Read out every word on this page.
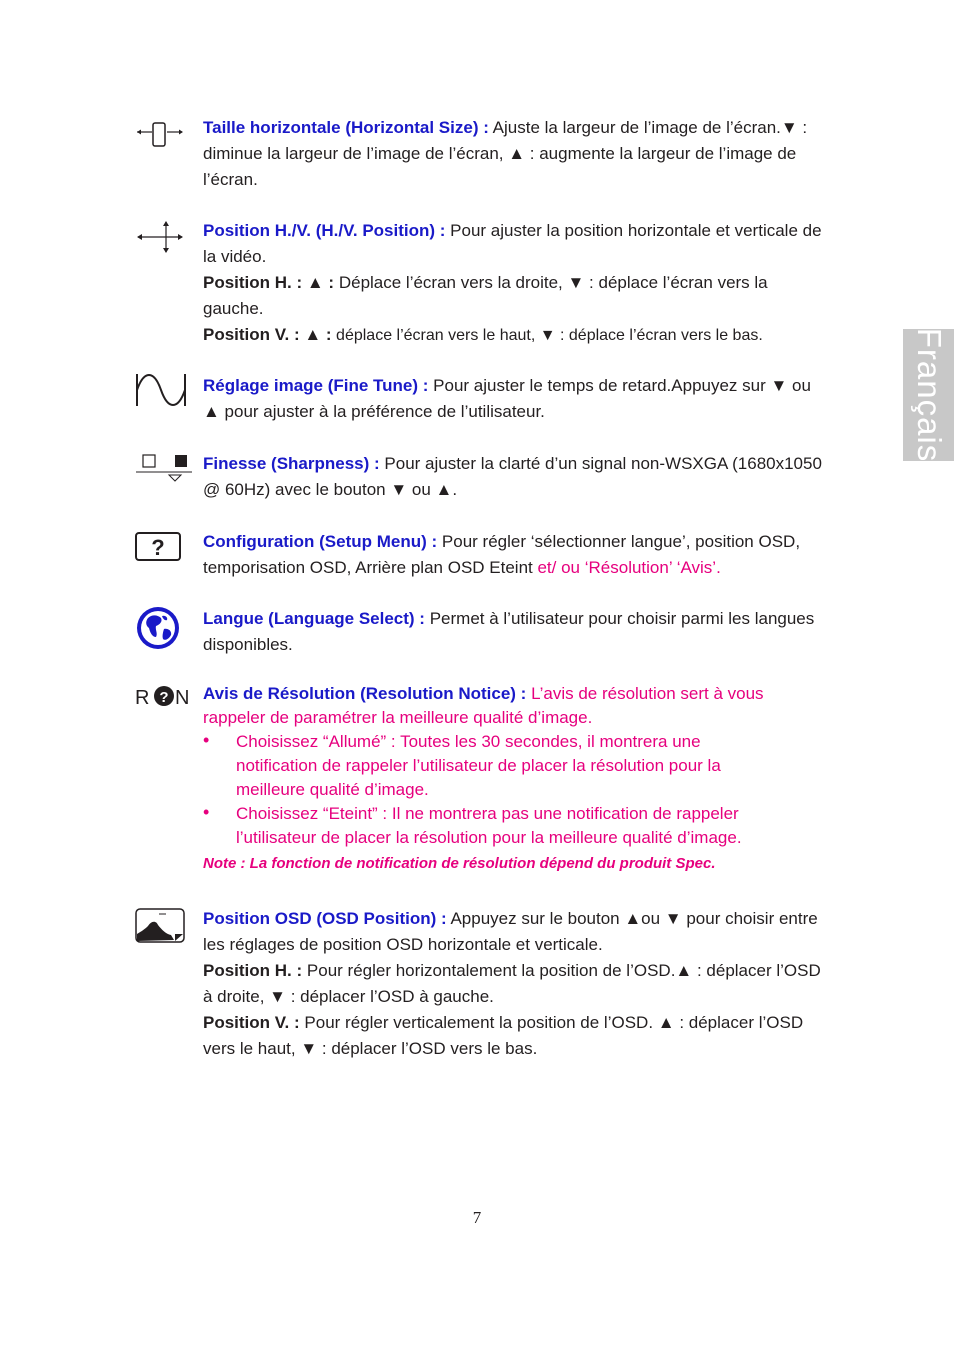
Français
Taille horizontale (Horizontal Size) : Ajuste la largeur de l’image de l’écran.▼ : diminue la largeur de l’image de l’écran, ▲ : augmente la largeur de l’image de l’écran.
Position H./V. (H./V. Position) : Pour ajuster la position horizontale et verticale de la vidéo.
Position H. : ▲ : Déplace l’écran vers la droite, ▼ : déplace l’écran vers la gauche.
Position V. : ▲ : déplace l’écran vers le haut, ▼ : déplace l’écran vers le bas.
Réglage image (Fine Tune) : Pour ajuster le temps de retard.Appuyez sur ▼ ou ▲ pour ajuster à la préférence de l’utilisateur.
Finesse (Sharpness) : Pour ajuster la clarté d’un signal non-WSXGA (1680x1050 @ 60Hz) avec le bouton ▼ ou ▲.
? Configuration (Setup Menu) : Pour régler ‘sélectionner langue’, position OSD, temporisation OSD, Arrière plan OSD Eteint et/ ou ‘Résolution’ ‘Avis’.
Langue (Language Select) : Permet à l’utilisateur pour choisir parmi les langues disponibles.
R ? N Avis de Résolution (Resolution Notice) : L’avis de résolution sert à vous rappeler de paramétrer la meilleure qualité d’image.
• Choisissez “Allumé” : Toutes les 30 secondes, il montrera une notification de rappeler l’utilisateur de placer la résolution pour la meilleure qualité d’image.
• Choisissez “Eteint” : Il ne montrera pas une notification de rappeler l’utilisateur de placer la résolution pour la meilleure qualité d’image.
Note : La fonction de notification de résolution dépend du produit Spec.
Position OSD (OSD Position) : Appuyez sur le bouton ▲ou ▼ pour choisir entre les réglages de position OSD horizontale et verticale.
Position H. : Pour régler horizontalement la position de l’OSD.▲ : déplacer l’OSD à droite, ▼ : déplacer l’OSD à gauche.
Position V. : Pour régler verticalement la position de l’OSD. ▲ : déplacer l’OSD vers le haut, ▼ : déplacer l’OSD vers le bas.
7
